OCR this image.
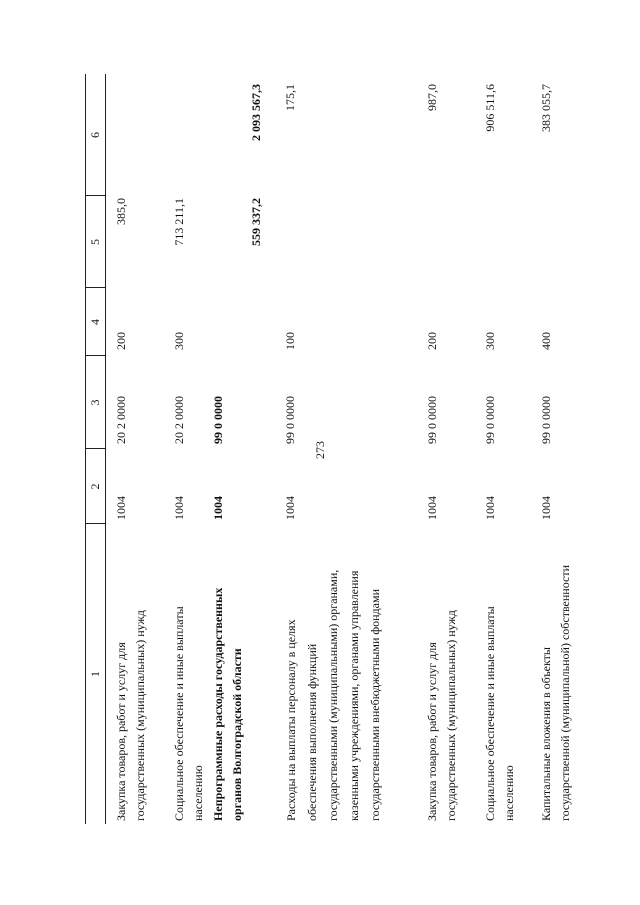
273
1
2
3
4
5
6
Закупка товаров, работ и услуг для государственных (муниципальных) нужд
1004
20 2 0000
200
385,0
Социальное обеспечение и иные выплаты населению
1004
20 2 0000
300
713 211,1
Непрограммные расходы государственных органов Волгоградской области
1004
99 0 0000
559 337,2
2 093 567,3
Расходы на выплаты персоналу в целях обеспечения выполнения функций государственными (муниципальными) органами, казенными учреждениями, органами управления государственными внебюджетными фондами
1004
99 0 0000
100
175,1
Закупка товаров, работ и услуг для государственных (муниципальных) нужд
1004
99 0 0000
200
987,0
Социальное обеспечение и иные выплаты населению
1004
99 0 0000
300
906 511,6
Капитальные вложения в объекты государственной (муниципальной) собственности
1004
99 0 0000
400
383 055,7
